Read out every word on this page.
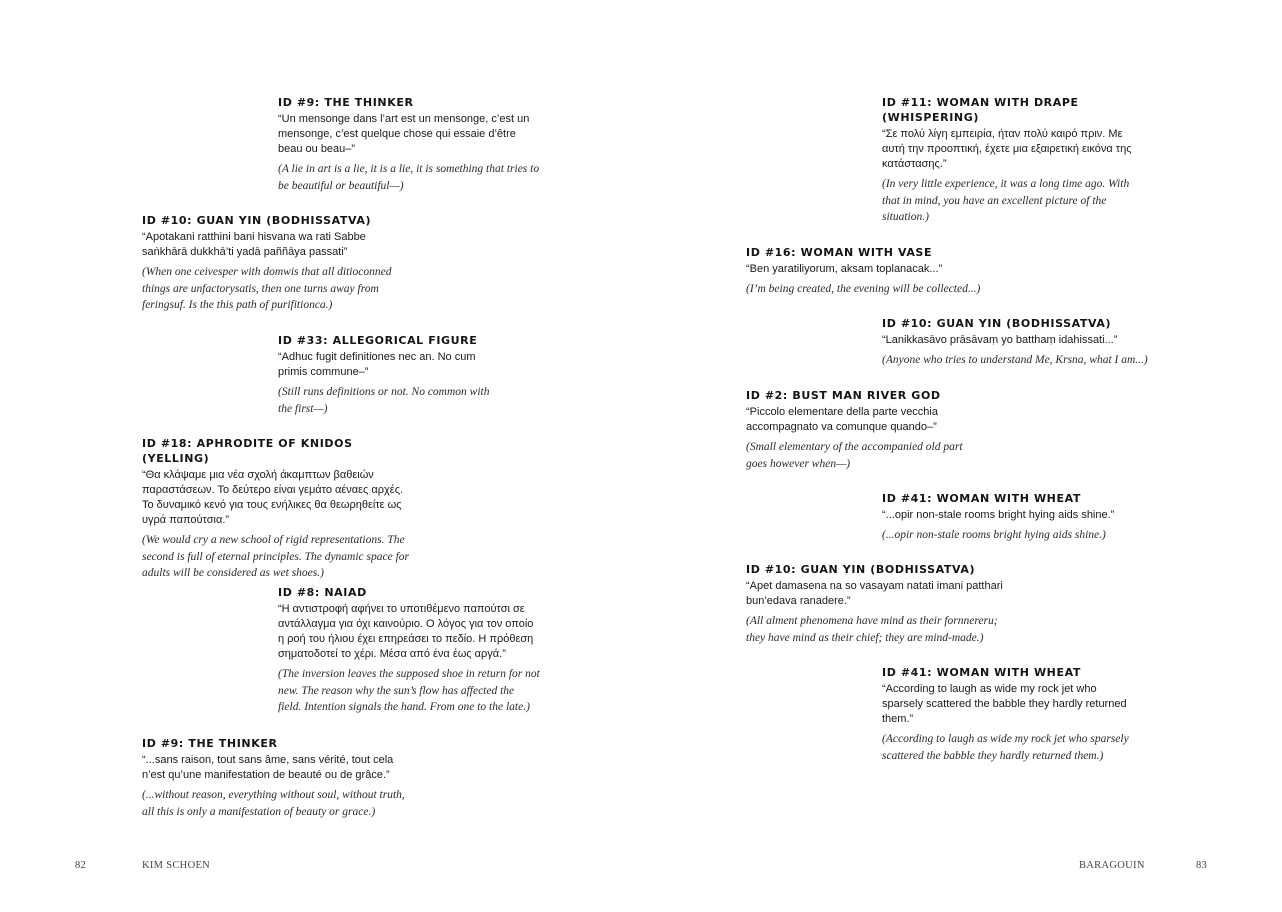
ID #9: THE THINKER
“Un mensonge dans l’art est un mensonge, c’est un mensonge, c’est quelque chose qui essaie d’être beau ou beau–”
(A lie in art is a lie, it is a lie, it is something that tries to be beautiful or beautiful—)
ID #10: GUAN YIN (BODHISSATVA)
“Apotakani ratthini bani hisvana wa rati Sabbe saṅkhārā dukkhā’ti yadā paññāya passati”
(When one ceivesper with domwis that all ditioconned things are unfactorysatis, then one turns away from feringsuf. Is the this path of purifitionca.)
ID #33: ALLEGORICAL FIGURE
“Adhuc fugit definitiones nec an. No cum primis commune–”
(Still runs definitions or not. No common with the first—)
ID #18: APHRODITE OF KNIDOS (YELLING)
“Θα κλάψαμε μια νέα σχολή άκαμπτων βαθειών παραστάσεων. Το δεύτερο είναι γεμάτο αέναες αρχές. Το δυναμικό κενό για τους ενήλικες θα θεωρηθείτε ως υγρά παπούτσια.”
(We would cry a new school of rigid representations. The second is full of eternal principles. The dynamic space for adults will be considered as wet shoes.)
ID #8: NAIAD
“Η αντιστροφή αφήνει το υποτιθέμενο παπούτσι σε αντάλλαγμα για όχι καινούριο. Ο λόγος για τον οποίο η ροή του ήλιου έχει επηρεάσει το πεδίο. Η πρόθεση σηματοδοτεί το χέρι. Μέσα από ένα έως αργά.”
(The inversion leaves the supposed shoe in return for not new. The reason why the sun’s flow has affected the field. Intention signals the hand. From one to the late.)
ID #9: THE THINKER
“...sans raison, tout sans âme, sans vérité, tout cela n’est qu’une manifestation de beauté ou de grâce.”
(...without reason, everything without soul, without truth, all this is only a manifestation of beauty or grace.)
ID #11: WOMAN WITH DRAPE (WHISPERING)
“Σε πολύ λίγη εμπειρία, ήταν πολύ καιρό πριν. Με αυτή την προοπτική, έχετε μια εξαιρετική εικόνα της κατάστασης.”
(In very little experience, it was a long time ago. With that in mind, you have an excellent picture of the situation.)
ID #16: WOMAN WITH VASE
“Ben yaratiliyorum, aksam toplanacak...”
(I’m being created, the evening will be collected...)
ID #10: GUAN YIN (BODHISSATVA)
“Lanikkasāvo prāsāvaṃ yo batthaṃ idahissati...”
(Anyone who tries to understand Me, Krsna, what I am...)
ID #2: BUST MAN RIVER GOD
“Piccolo elementare della parte vecchia accompagnato va comunque quando–”
(Small elementary of the accompanied old part goes however when—)
ID #41: WOMAN WITH WHEAT
“...opir non-stale rooms bright hying aids shine.”
(...opir non-stale rooms bright hying aids shine.)
ID #10: GUAN YIN (BODHISSATVA)
“Apet damasena na so vasayam natati imani patthari bun’edava ranadere.”
(All alment phenomena have mind as their fornnereru; they have mind as their chief; they are mind-made.)
ID #41: WOMAN WITH WHEAT
“According to laugh as wide my rock jet who sparsely scattered the babble they hardly returned them.”
(According to laugh as wide my rock jet who sparsely scattered the babble they hardly returned them.)
82	KIM SCHOEN	BARAGOUIN	83
